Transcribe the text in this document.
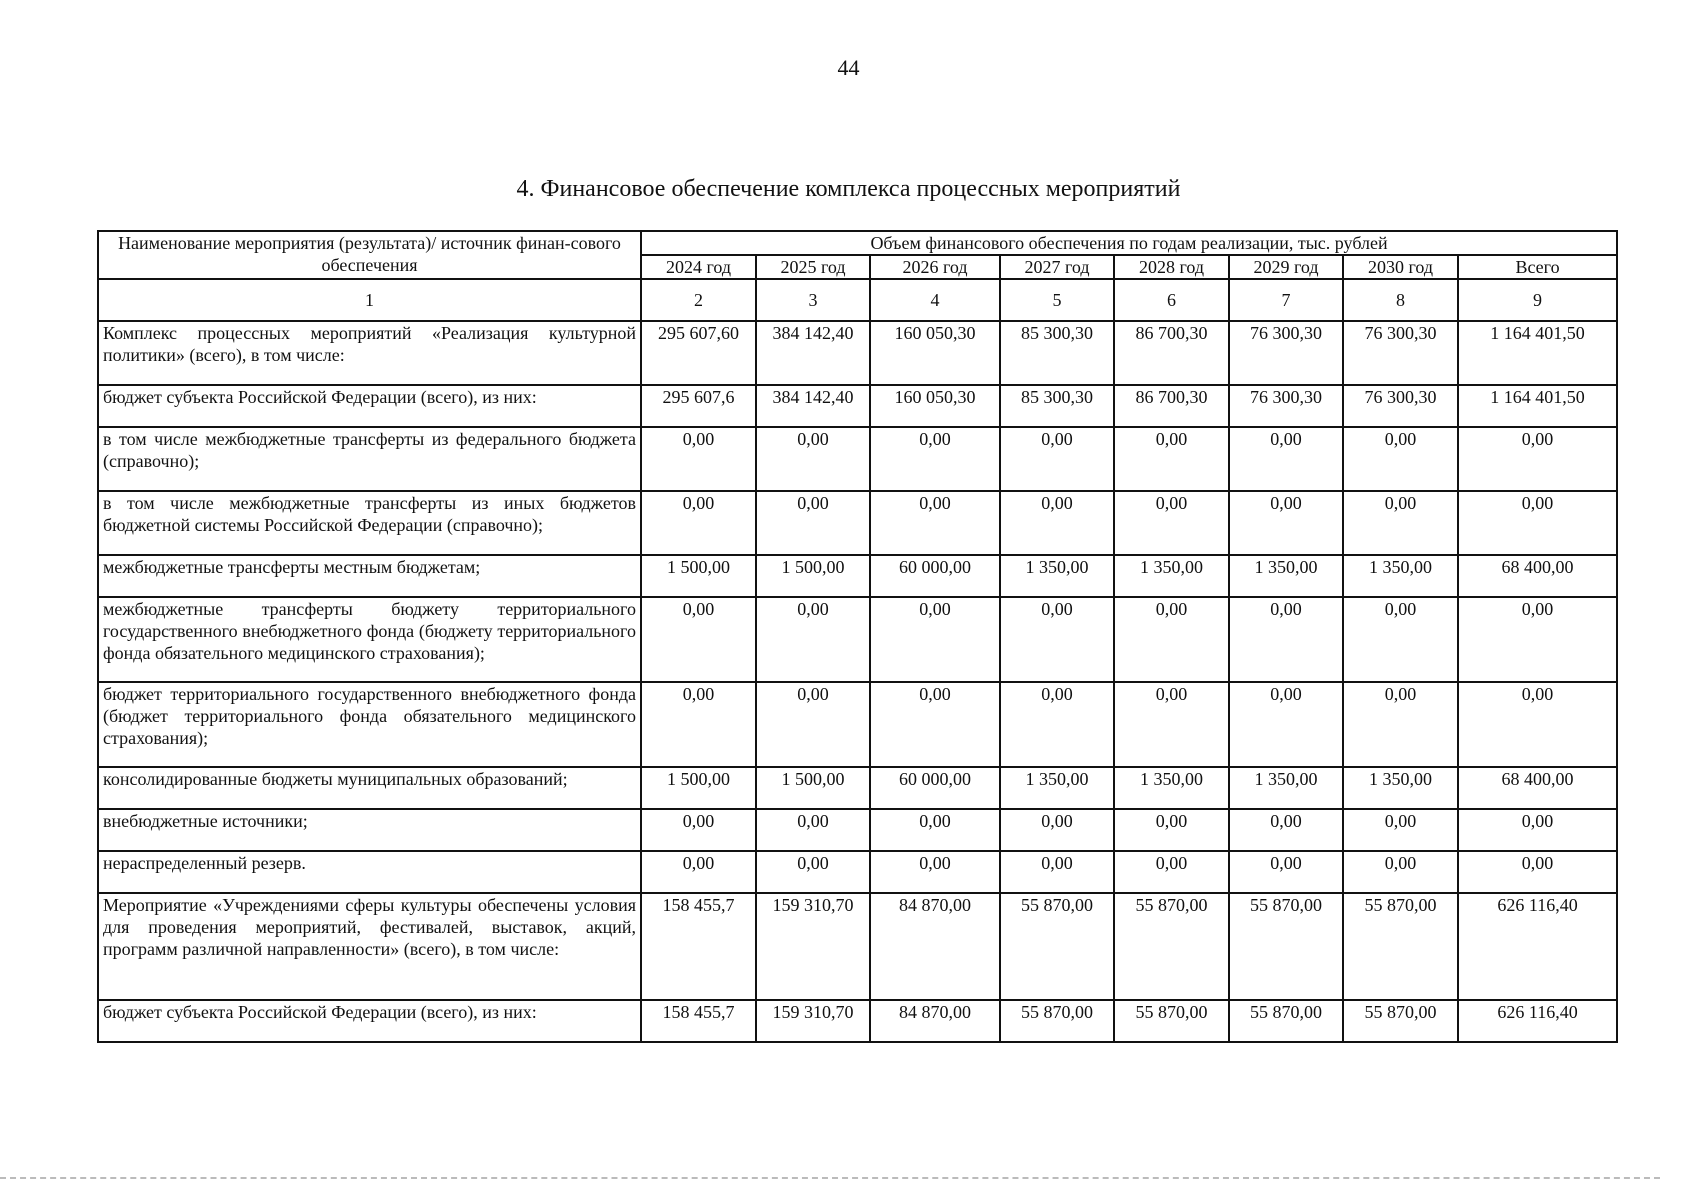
44
4. Финансовое обеспечение комплекса процессных мероприятий
Наименование мероприятия (результата)/ источник финан-сового обеспечения	Объем финансового обеспечения по годам реализации, тыс. рублей							
	2024 год	2025 год	2026 год	2027 год	2028 год	2029 год	2030 год	Всего
1	2	3	4	5	6	7	8	9
Комплекс процессных мероприятий «Реализация культурной политики» (всего), в том числе:	295 607,60	384 142,40	160 050,30	85 300,30	86 700,30	76 300,30	76 300,30	1 164 401,50
бюджет субъекта Российской Федерации (всего), из них:	295 607,6	384 142,40	160 050,30	85 300,30	86 700,30	76 300,30	76 300,30	1 164 401,50
в том числе межбюджетные трансферты из федерального бюджета (справочно);	0,00	0,00	0,00	0,00	0,00	0,00	0,00	0,00
в том числе межбюджетные трансферты из иных бюджетов бюджетной системы Российской Федерации (справочно);	0,00	0,00	0,00	0,00	0,00	0,00	0,00	0,00
межбюджетные трансферты местным бюджетам;	1 500,00	1 500,00	60 000,00	1 350,00	1 350,00	1 350,00	1 350,00	68 400,00
межбюджетные трансферты бюджету территориального государственного внебюджетного фонда (бюджету территориального фонда обязательного медицинского страхования);	0,00	0,00	0,00	0,00	0,00	0,00	0,00	0,00
бюджет территориального государственного внебюджетного фонда (бюджет территориального фонда обязательного медицинского страхования);	0,00	0,00	0,00	0,00	0,00	0,00	0,00	0,00
консолидированные бюджеты муниципальных образований;	1 500,00	1 500,00	60 000,00	1 350,00	1 350,00	1 350,00	1 350,00	68 400,00
внебюджетные источники;	0,00	0,00	0,00	0,00	0,00	0,00	0,00	0,00
нераспределенный резерв.	0,00	0,00	0,00	0,00	0,00	0,00	0,00	0,00
Мероприятие «Учреждениями сферы культуры обеспечены условия для проведения мероприятий, фестивалей, выставок, акций, программ различной направленности» (всего), в том числе:	158 455,7	159 310,70	84 870,00	55 870,00	55 870,00	55 870,00	55 870,00	626 116,40
бюджет субъекта Российской Федерации (всего), из них:	158 455,7	159 310,70	84 870,00	55 870,00	55 870,00	55 870,00	55 870,00	626 116,40
